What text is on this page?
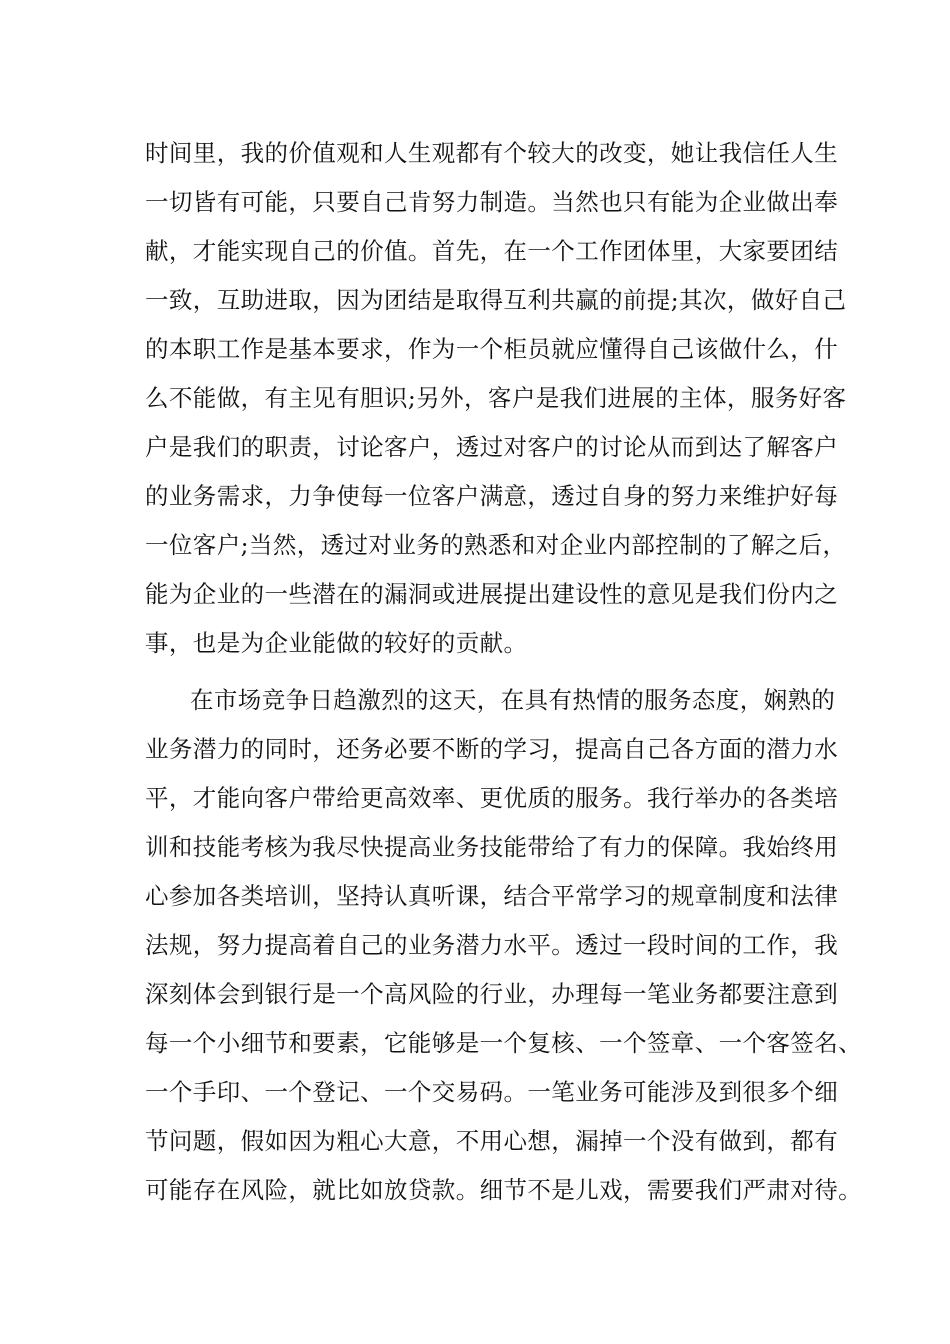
时间里，我的价值观和人生观都有个较大的改变，她让我信任人生
一切皆有可能，只要自己肯努力制造。当然也只有能为企业做出奉
献，才能实现自己的价值。首先，在一个工作团体里，大家要团结
一致，互助进取，因为团结是取得互利共赢的前提;其次，做好自己
的本职工作是基本要求，作为一个柜员就应懂得自己该做什么，什
么不能做，有主见有胆识;另外，客户是我们进展的主体，服务好客
户是我们的职责，讨论客户，透过对客户的讨论从而到达了解客户
的业务需求，力争使每一位客户满意，透过自身的努力来维护好每
一位客户;当然，透过对业务的熟悉和对企业内部控制的了解之后，
能为企业的一些潜在的漏洞或进展提出建设性的意见是我们份内之
事，也是为企业能做的较好的贡献。
在市场竞争日趋激烈的这天，在具有热情的服务态度，娴熟的
业务潜力的同时，还务必要不断的学习，提高自己各方面的潜力水
平，才能向客户带给更高效率、更优质的服务。我行举办的各类培
训和技能考核为我尽快提高业务技能带给了有力的保障。我始终用
心参加各类培训，坚持认真听课，结合平常学习的规章制度和法律
法规，努力提高着自己的业务潜力水平。透过一段时间的工作，我
深刻体会到银行是一个高风险的行业，办理每一笔业务都要注意到
每一个小细节和要素，它能够是一个复核、一个签章、一个客签名、
一个手印、一个登记、一个交易码。一笔业务可能涉及到很多个细
节问题，假如因为粗心大意，不用心想，漏掉一个没有做到，都有
可能存在风险，就比如放贷款。细节不是儿戏，需要我们严肃对待。
